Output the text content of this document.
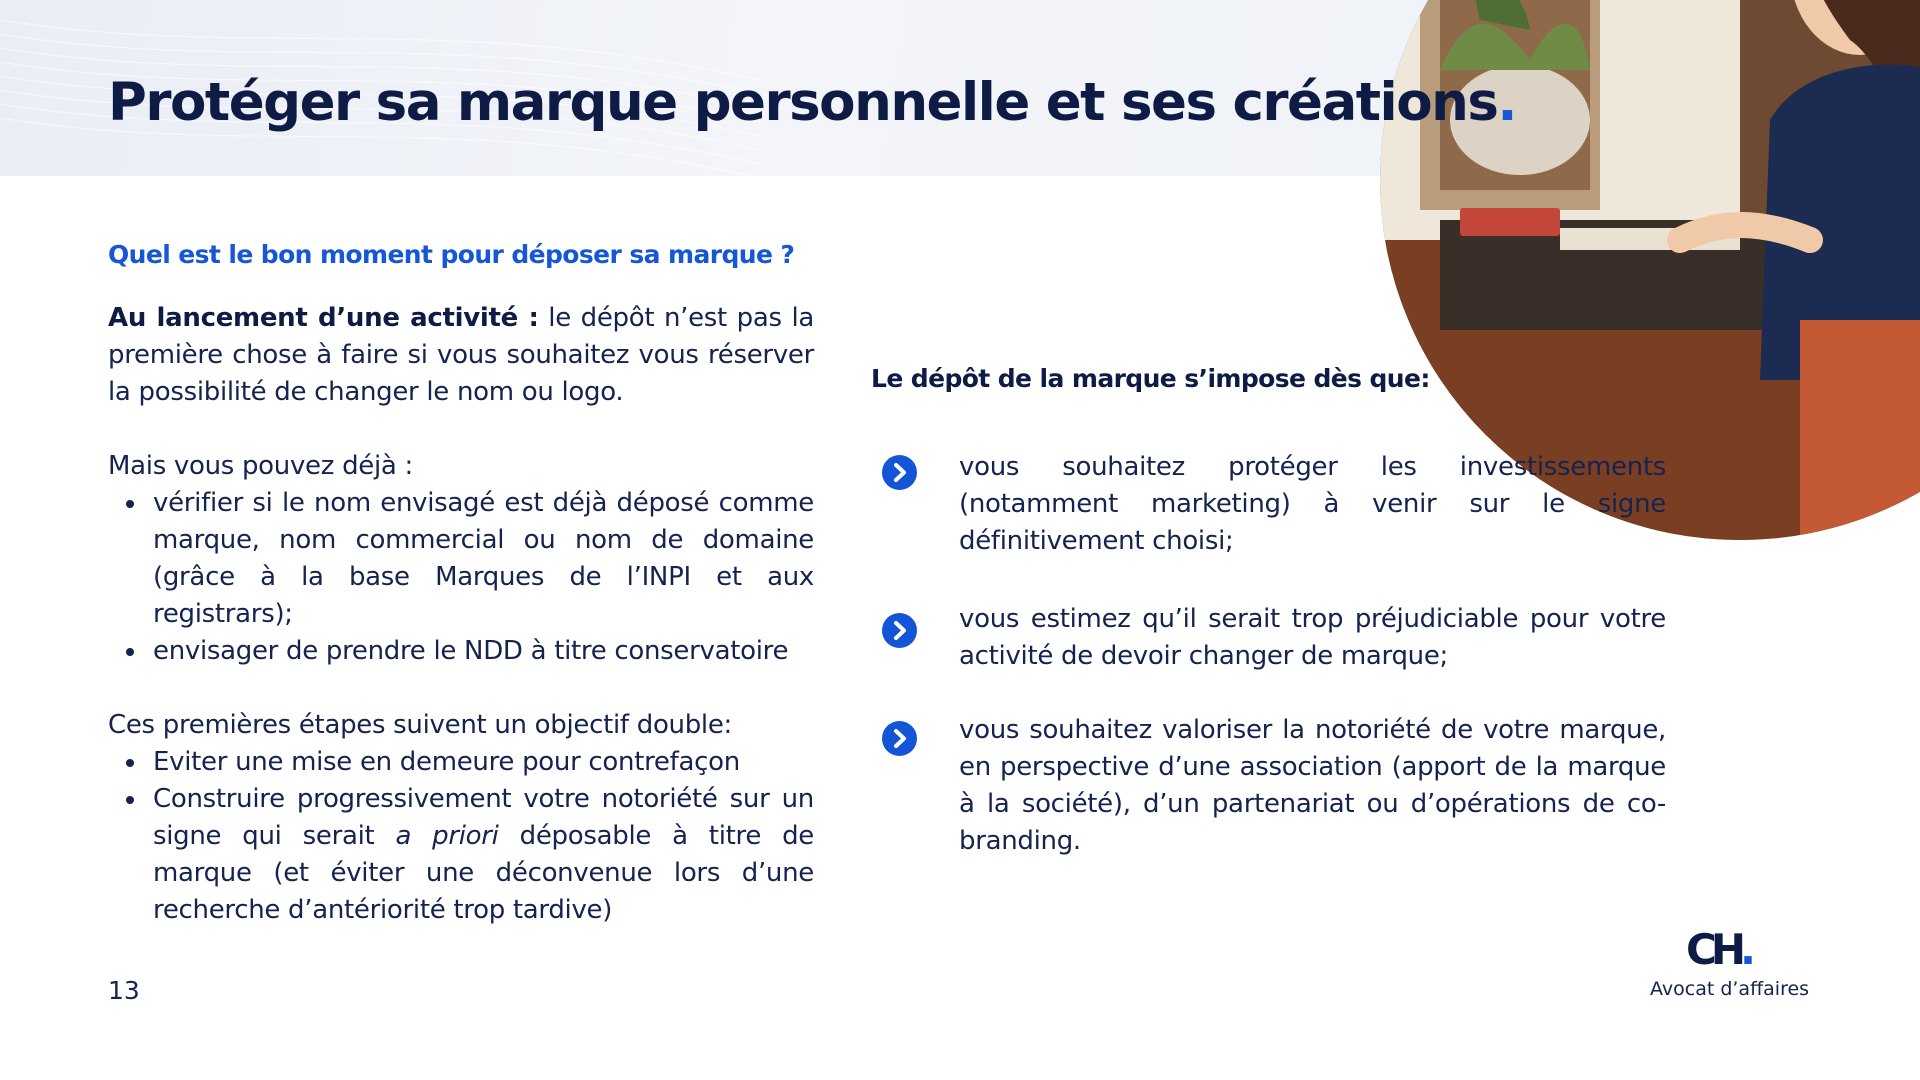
Protéger sa marque personnelle et ses créations.
Quel est le bon moment pour déposer sa marque ?

Au lancement d’une activité : le dépôt n’est pas la première chose à faire si vous souhaitez vous réserver la possibilité de changer le nom ou logo.

Mais vous pouvez déjà :

vérifier si le nom envisagé est déjà déposé comme marque, nom commercial ou nom de domaine (grâce à la base Marques de l’INPI et aux registrars);
envisager de prendre le NDD à titre conservatoire

Ces premières étapes suivent un objectif double:

Eviter une mise en demeure pour contrefaçon
Construire progressivement votre notoriété sur un signe qui serait a priori déposable à titre de marque (et éviter une déconvenue lors d’une recherche d’antériorité trop tardive)
Le dépôt de la marque s’impose dès que:
vous souhaitez protéger les investissements (notamment marketing) à venir sur le signe définitivement choisi;
vous estimez qu’il serait trop préjudiciable pour votre activité de devoir changer de marque;
vous souhaitez valoriser la notoriété de votre marque, en perspective d’une association (apport de la marque à la société), d’un partenariat ou d’opérations de co-branding.
13
CH.
Avocat d’affaires
